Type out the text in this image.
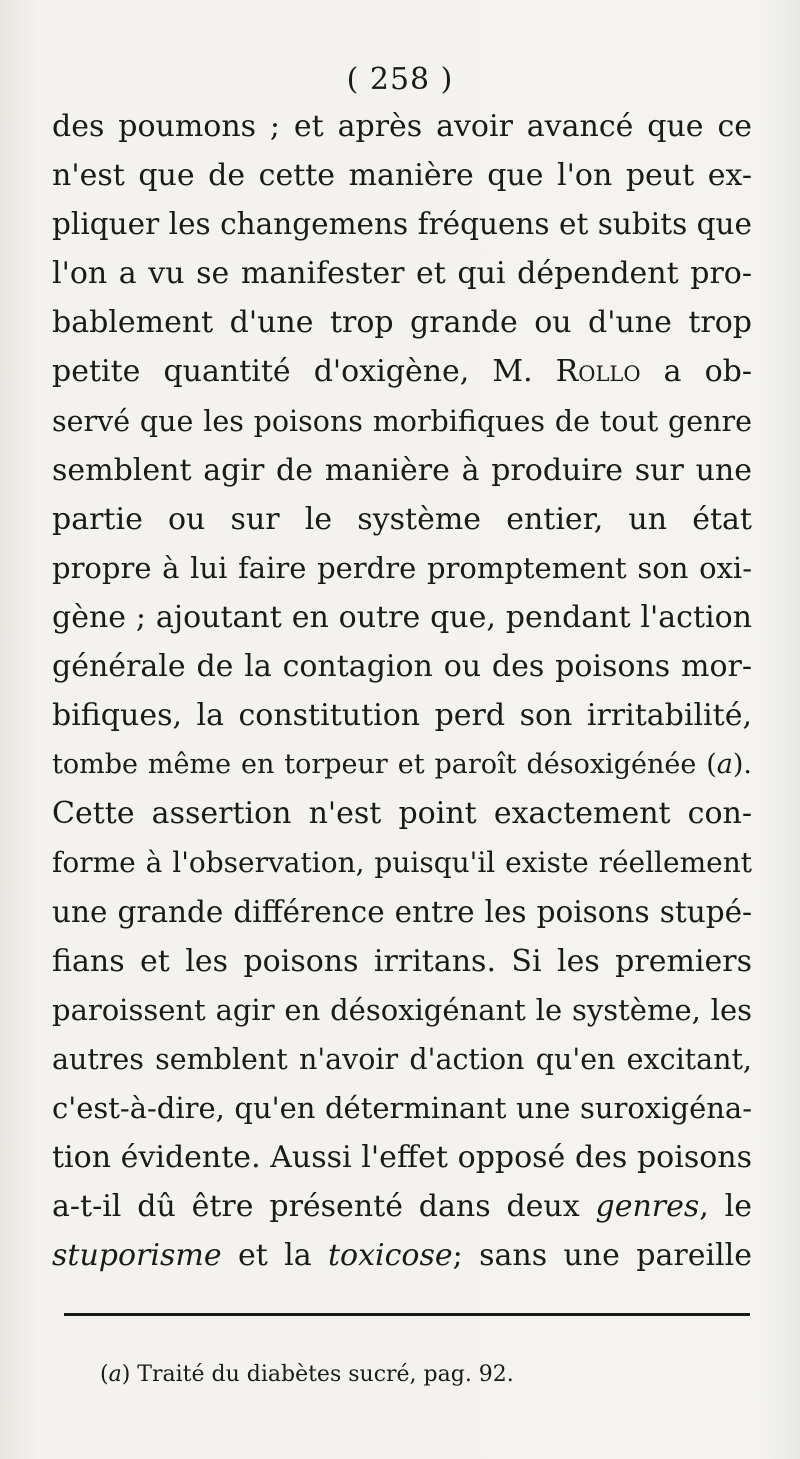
( 258 )
des poumons ; et après avoir avancé que ce
n'est que de cette manière que l'on peut ex-
pliquer les changemens fréquens et subits que
l'on a vu se manifester et qui dépendent pro-
bablement d'une trop grande ou d'une trop
petite quantité d'oxigène, M. Rollo a ob-
servé que les poisons morbifiques de tout genre
semblent agir de manière à produire sur une
partie ou sur le système entier, un état
propre à lui faire perdre promptement son oxi-
gène ; ajoutant en outre que, pendant l'action
générale de la contagion ou des poisons mor-
bifiques, la constitution perd son irritabilité,
tombe même en torpeur et paroît désoxigénée (a).
Cette assertion n'est point exactement con-
forme à l'observation, puisqu'il existe réellement
une grande différence entre les poisons stupé-
fians et les poisons irritans. Si les premiers
paroissent agir en désoxigénant le système, les
autres semblent n'avoir d'action qu'en excitant,
c'est-à-dire, qu'en déterminant une suroxigéna-
tion évidente. Aussi l'effet opposé des poisons
a-t-il dû être présenté dans deux genres, le
stuporisme et la toxicose; sans une pareille
(a) Traité du diabètes sucré, pag. 92.
